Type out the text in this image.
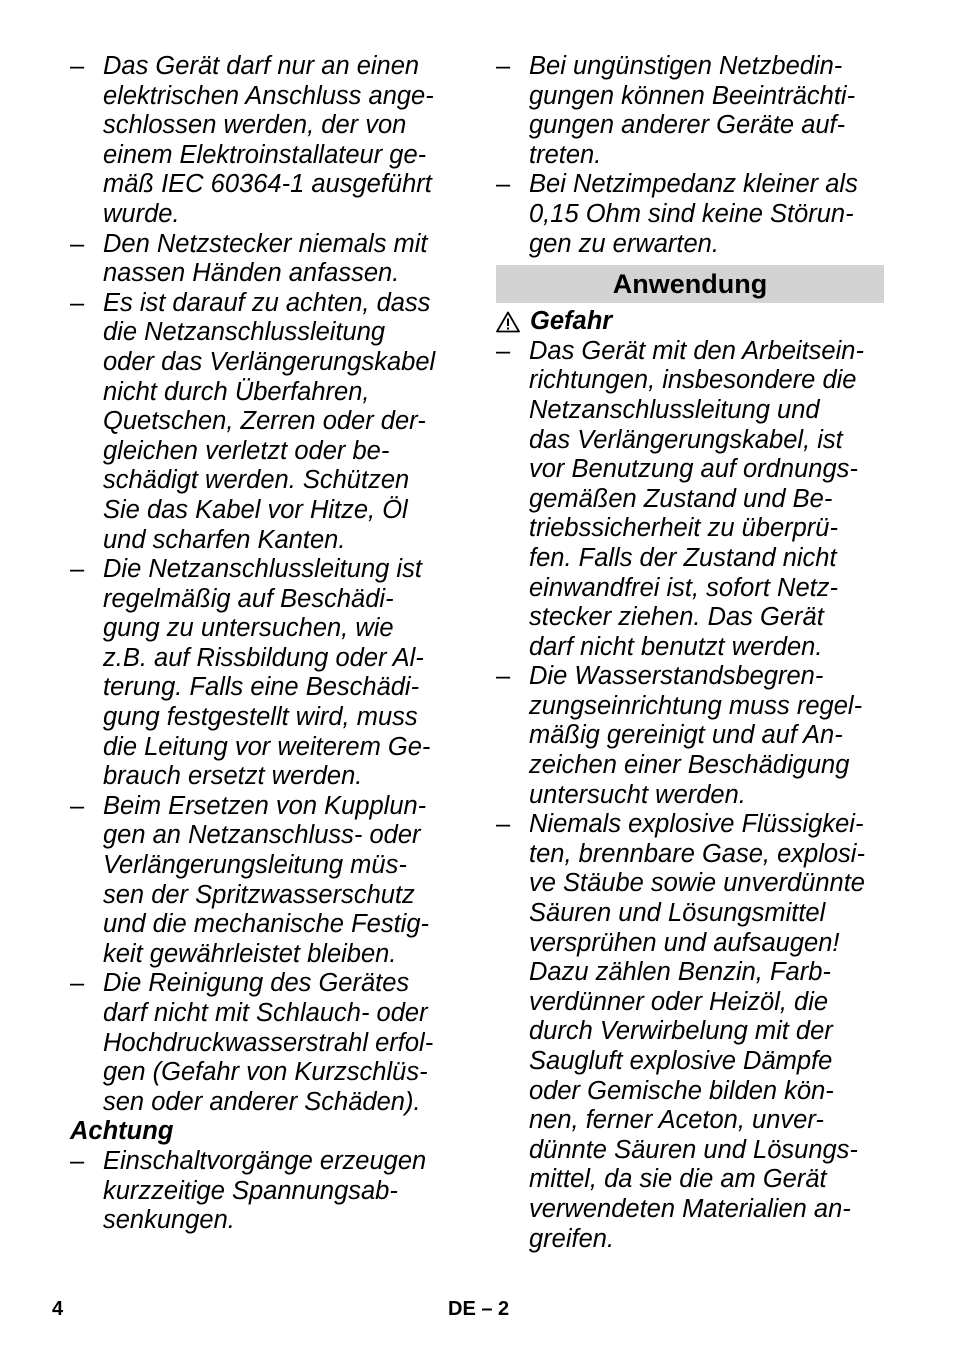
– Das Gerät darf nur an einen
elektrischen Anschluss ange-
schlossen werden, der von
einem Elektroinstallateur ge-
mäß IEC 60364-1 ausgeführt
wurde.
– Den Netzstecker niemals mit
nassen Händen anfassen.
– Es ist darauf zu achten, dass
die Netzanschlussleitung
oder das Verlängerungskabel
nicht durch Überfahren,
Quetschen, Zerren oder der-
gleichen verletzt oder be-
schädigt werden. Schützen
Sie das Kabel vor Hitze, Öl
und scharfen Kanten.
– Die Netzanschlussleitung ist
regelmäßig auf Beschädi-
gung zu untersuchen, wie
z.B. auf Rissbildung oder Al-
terung. Falls eine Beschädi-
gung festgestellt wird, muss
die Leitung vor weiterem Ge-
brauch ersetzt werden.
– Beim Ersetzen von Kupplun-
gen an Netzanschluss- oder
Verlängerungsleitung müs-
sen der Spritzwasserschutz
und die mechanische Festig-
keit gewährleistet bleiben.
– Die Reinigung des Gerätes
darf nicht mit Schlauch- oder
Hochdruckwasserstrahl erfol-
gen (Gefahr von Kurzschlüs-
sen oder anderer Schäden).
Achtung
– Einschaltvorgänge erzeugen
kurzzeitige Spannungsab-
senkungen.
– Bei ungünstigen Netzbedin-
gungen können Beeinträchti-
gungen anderer Geräte auf-
treten.
– Bei Netzimpedanz kleiner als
0,15 Ohm sind keine Störun-
gen zu erwarten.
Anwendung
Gefahr
– Das Gerät mit den Arbeitsein-
richtungen, insbesondere die
Netzanschlussleitung und
das Verlängerungskabel, ist
vor Benutzung auf ordnungs-
gemäßen Zustand und Be-
triebssicherheit zu überprü-
fen. Falls der Zustand nicht
einwandfrei ist, sofort Netz-
stecker ziehen. Das Gerät
darf nicht benutzt werden.
– Die Wasserstandsbegren-
zungseinrichtung muss regel-
mäßig gereinigt und auf An-
zeichen einer Beschädigung
untersucht werden.
– Niemals explosive Flüssigkei-
ten, brennbare Gase, explosi-
ve Stäube sowie unverdünnte
Säuren und Lösungsmittel
versprühen und aufsaugen!
Dazu zählen Benzin, Farb-
verdünner oder Heizöl, die
durch Verwirbelung mit der
Saugluft explosive Dämpfe
oder Gemische bilden kön-
nen, ferner Aceton, unver-
dünnte Säuren und Lösungs-
mittel, da sie die am Gerät
verwendeten Materialien an-
greifen.
4	DE – 2
